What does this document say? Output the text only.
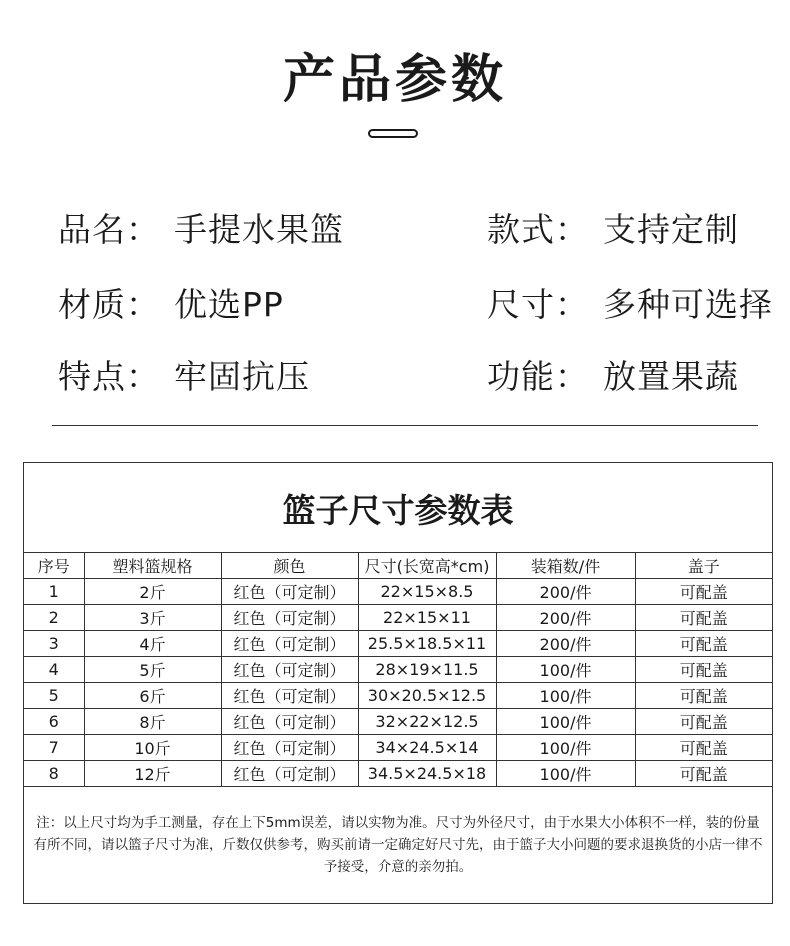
产品参数
品名： 手提水果篮	款式： 支持定制
材质： 优选PP	尺寸： 多种可选择
特点： 牢固抗压	功能： 放置果蔬
篮子尺寸参数表
序号	塑料篮规格	颜色	尺寸(长宽高*cm)	装箱数/件	盖子
1	2斤	红色（可定制）	22×15×8.5	200/件	可配盖
2	3斤	红色（可定制）	22×15×11	200/件	可配盖
3	4斤	红色（可定制）	25.5×18.5×11	200/件	可配盖
4	5斤	红色（可定制）	28×19×11.5	100/件	可配盖
5	6斤	红色（可定制）	30×20.5×12.5	100/件	可配盖
6	8斤	红色（可定制）	32×22×12.5	100/件	可配盖
7	10斤	红色（可定制）	34×24.5×14	100/件	可配盖
8	12斤	红色（可定制）	34.5×24.5×18	100/件	可配盖
注：以上尺寸均为手工测量，存在上下5mm误差，请以实物为准。尺寸为外径尺寸，由于水果大小体积不一样，装的份量有所不同，请以篮子尺寸为准，斤数仅供参考，购买前请一定确定好尺寸先，由于篮子大小问题的要求退换货的小店一律不予接受，介意的亲勿拍。
